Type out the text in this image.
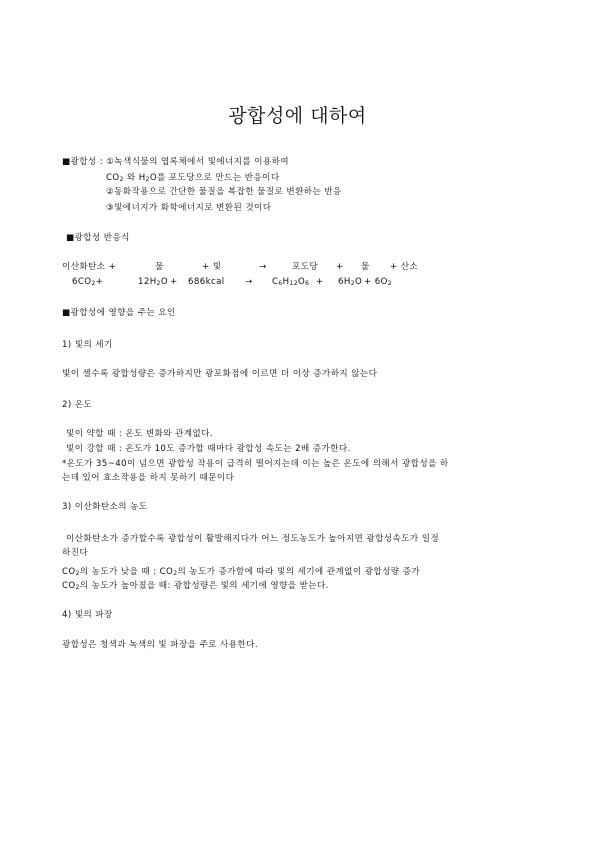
광합성에 대하여
■광합성 : ①녹색식물의 엽록체에서 빛에너지를 이용하여
$CO_2$ 와 $H_2O$를 포도당으로 만드는 반응이다
②동화작용으로 간단한 물질을 복잡한 물질로 변환하는 반응
③빛에너지가 화학에너지로 변환된 것이다
■광합성 반응식
이산화탄소 +	물	+ 빛	→	포도당 + 물 + 산소
$6CO_2+$	$12H_2O$ + 686kcal → $C_6H_{12}O_6 + 6H_2O + 6O_2$
■광합성에 영향을 주는 요인
1) 빛의 세기
빛이 셀수록 광합성량은 증가하지만 광포화점에 이르면 더 이상 증가하지 않는다
2) 온도
빛이 약할 때 : 온도 변화와 관계없다.
빛이 강할 때 : 온도가 10도 증가할 때마다 광합성 속도는 2배 증가한다.
*온도가 35~40이 넘으면 광합성 작용이 급격히 떨어지는데 이는 높은 온도에 의해서 광합성을 하
는데 있어 효소작용을 하지 못하기 때문이다
3) 이산화탄소의 농도
이산화탄소가 증가할수록 광합성이 활발해지다가 어느 정도농도가 높아지면 광합성속도가 일정
하진다
$CO_2$의 농도가 낮을 때 : $CO_2$의 농도가 증가함에 따라 빛의 세기에 관계없이 광합성량 증가
$CO_2$의 농도가 높아졌을 때: 광합성량은 빛의 세기에 영향을 받는다.
4) 빛의 파장
광합성은 청색과 녹색의 빛 파장을 주로 사용한다.
